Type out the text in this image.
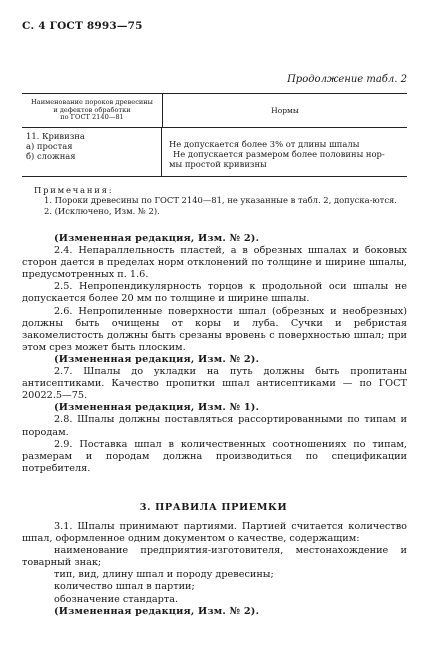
С. 4 ГОСТ 8993—75
Продолжение табл. 2
Наименование пороков древесины
и дефектов обработки
по ГОСТ 2140—81
Нормы
11. Кривизна
а) простая
б) сложная
Не допускается более 3% от длины шпалы
Не допускается размером более половины нор-
мы простой кривизны
Примечания:
1. Пороки древесины по ГОСТ 2140—81, не указанные в табл. 2, допуска-ются.
2. (Исключено, Изм. № 2).

(Измененная редакция, Изм. № 2).

2.4. Непараллельность пластей, а в обрезных шпалах и боковых сторон дается в пределах норм отклонений по толщине и ширине шпалы, предусмотренных п. 1.6.

2.5. Непропендикулярность торцов к продольной оси шпалы не допускается более 20 мм по толщине и ширине шпалы.

2.6. Непропиленные поверхности шпал (обрезных и необрезных) должны быть очищены от коры и луба. Сучки и ребристая закомелистость должны быть срезаны вровень с поверхностью шпал; при этом срез может быть плоским.

(Измененная редакция, Изм. № 2).

2.7. Шпалы до укладки на путь должны быть пропитаны антисептиками. Качество пропитки шпал антисептиками — по ГОСТ 20022.5—75.

(Измененная редакция, Изм. № 1).

2.8. Шпалы должны поставляться рассортированными по типам и породам.

2.9. Поставка шпал в количественных соотношениях по типам, размерам и породам должна производиться по спецификации потребителя.

3. ПРАВИЛА ПРИЕМКИ

3.1. Шпалы принимают партиями. Партией считается количество шпал, оформленное одним документом о качестве, содержащим:

наименование предприятия-изготовителя, местонахождение и товарный знак;

тип, вид, длину шпал и породу древесины;

количество шпал в партии;

обозначение стандарта.

(Измененная редакция, Изм. № 2).
